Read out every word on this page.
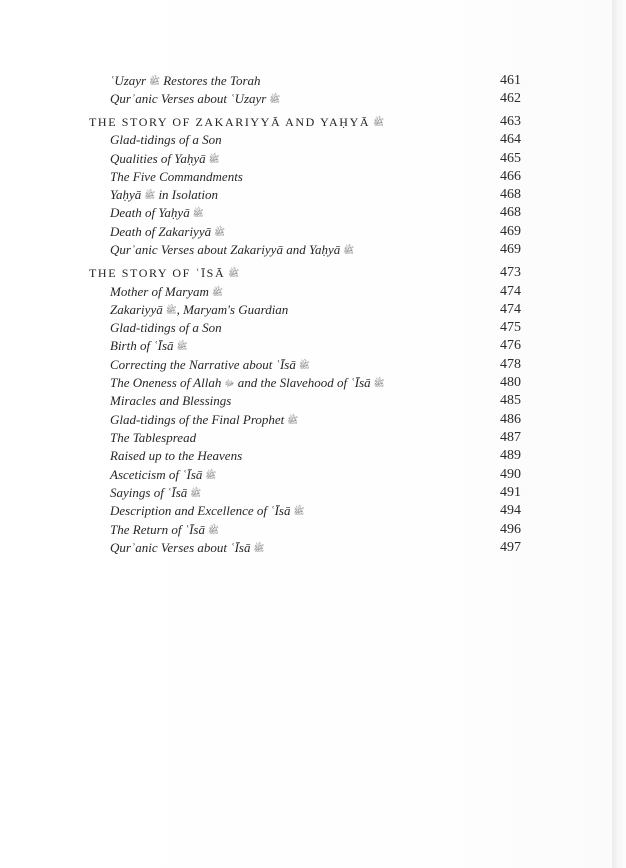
ʿUzayr ﷺ Restores the Torah	461
Qurʾanic Verses about ʿUzayr ﷺ	462
THE STORY OF ZAKARIYYĀ AND YAḤYĀ ﷺ	463
Glad-tidings of a Son	464
Qualities of Yaḥyā ﷺ	465
The Five Commandments	466
Yaḥyā ﷺ in Isolation	468
Death of Yaḥyā ﷺ	468
Death of Zakariyyā ﷺ	469
Qurʾanic Verses about Zakariyyā and Yaḥyā ﷺ	469
THE STORY OF ʿĪSĀ ﷺ	473
Mother of Maryam ﷺ	474
Zakariyyā ﷺ, Maryam's Guardian	474
Glad-tidings of a Son	475
Birth of ʿĪsā ﷺ	476
Correcting the Narrative about ʿĪsā ﷺ	478
The Oneness of Allah ﷻ and the Slavehood of ʿĪsā ﷺ	480
Miracles and Blessings	485
Glad-tidings of the Final Prophet ﷺ	486
The Tablespread	487
Raised up to the Heavens	489
Asceticism of ʿĪsā ﷺ	490
Sayings of ʿĪsā ﷺ	491
Description and Excellence of ʿĪsā ﷺ	494
The Return of ʿĪsā ﷺ	496
Qurʾanic Verses about ʿĪsā ﷺ	497
